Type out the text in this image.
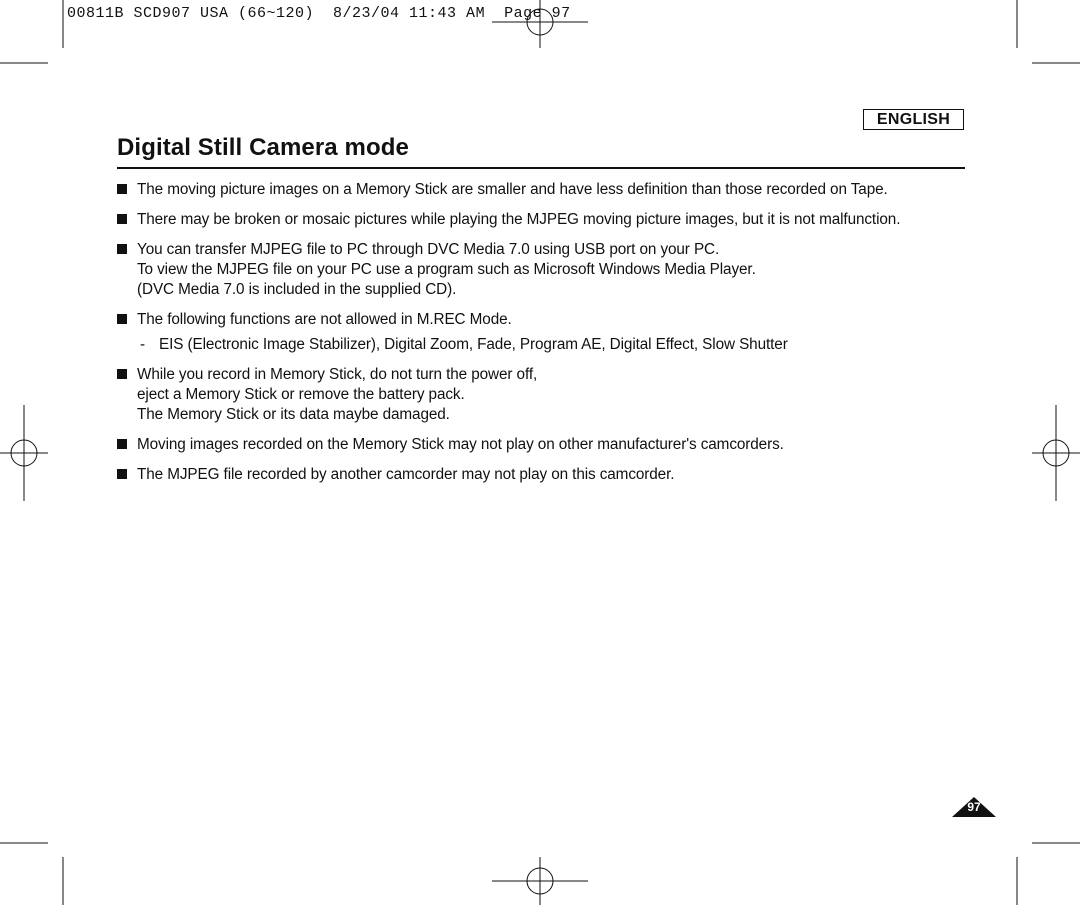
00811B SCD907 USA (66~120)  8/23/04 11:43 AM  Page 97
ENGLISH
Digital Still Camera mode
The moving picture images on a Memory Stick are smaller and have less definition than those recorded on Tape.
There may be broken or mosaic pictures while playing the MJPEG moving picture images, but it is not malfunction.
You can transfer MJPEG file to PC through DVC Media 7.0 using USB port on your PC.
To view the MJPEG file on your PC use a program such as Microsoft Windows Media Player.
(DVC Media 7.0 is included in the supplied CD).
The following functions are not allowed in M.REC Mode.
- EIS (Electronic Image Stabilizer), Digital Zoom, Fade, Program AE, Digital Effect, Slow Shutter
While you record in Memory Stick, do not turn the power off,
eject a Memory Stick or remove the battery pack.
The Memory Stick or its data maybe damaged.
Moving images recorded on the Memory Stick may not play on other manufacturer's camcorders.
The MJPEG file recorded by another camcorder may not play on this camcorder.
97
